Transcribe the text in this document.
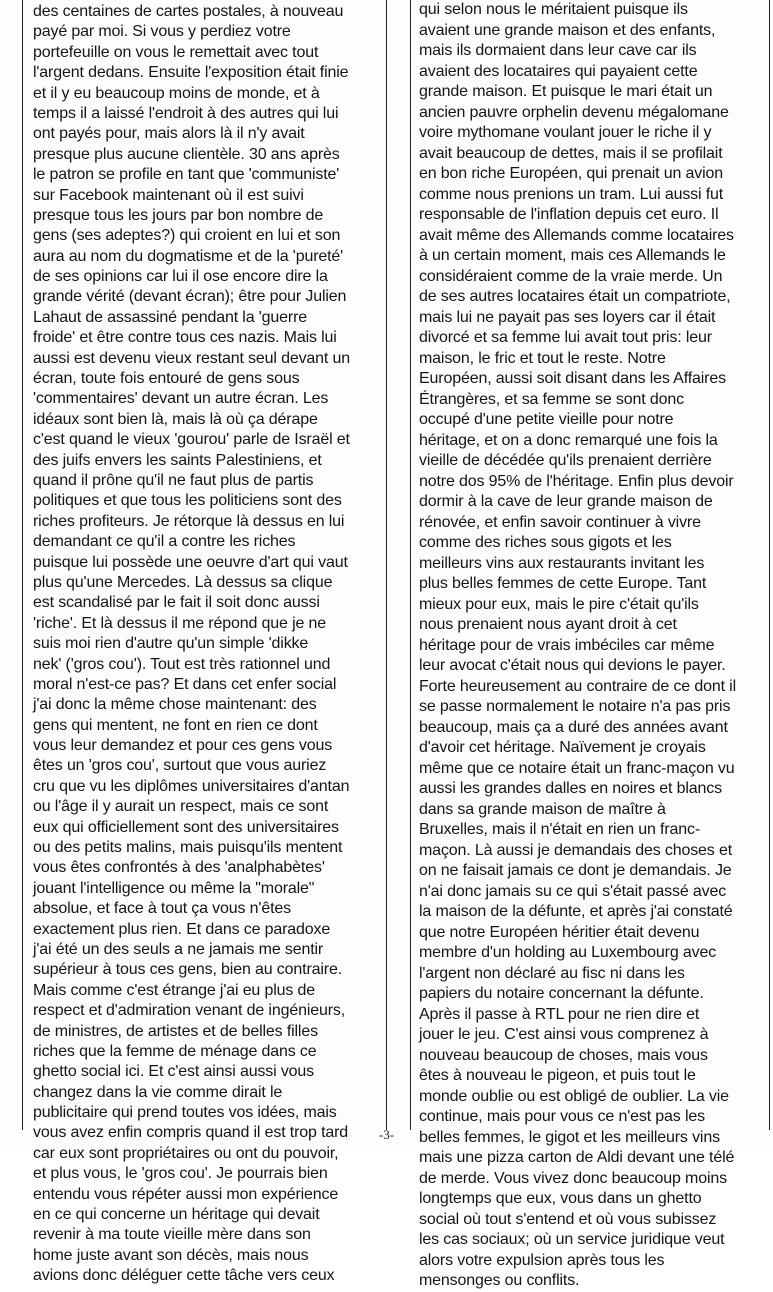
des centaines de cartes postales, à nouveau
payé par moi. Si vous y perdiez votre
portefeuille on vous le remettait avec tout
l'argent dedans. Ensuite l'exposition était finie
et il y eu beaucoup moins de monde, et à
temps il a laissé l'endroit à des autres qui lui
ont payés pour, mais alors là il n'y avait
presque plus aucune clientèle. 30 ans après
le patron se profile en tant que 'communiste'
sur Facebook maintenant où il est suivi
presque tous les jours par bon nombre de
gens (ses adeptes?) qui croient en lui et son
aura au nom du dogmatisme et de la 'pureté'
de ses opinions car lui il ose encore dire la
grande vérité (devant écran); être pour Julien
Lahaut de assassiné pendant la 'guerre
froide' et être contre tous ces nazis. Mais lui
aussi est devenu vieux restant seul devant un
écran, toute fois entouré de gens sous
'commentaires' devant un autre écran. Les
idéaux sont bien là, mais là où ça dérape
c'est quand le vieux 'gourou' parle de Israël et
des juifs envers les saints Palestiniens, et
quand il prône qu'il ne faut plus de partis
politiques et que tous les politiciens sont des
riches profiteurs. Je rétorque là dessus en lui
demandant ce qu'il a contre les riches
puisque lui possède une oeuvre d'art qui vaut
plus qu'une Mercedes. Là dessus sa clique
est scandalisé par le fait il soit donc aussi
'riche'. Et là dessus il me répond que je ne
suis moi rien d'autre qu'un simple 'dikke
nek' ('gros cou'). Tout est très rationnel und
moral n'est-ce pas? Et dans cet enfer social
j'ai donc la même chose maintenant: des
gens qui mentent, ne font en rien ce dont
vous leur demandez et pour ces gens vous
êtes un 'gros cou', surtout que vous auriez
cru que vu les diplômes universitaires d'antan
ou l'âge il y aurait un respect, mais ce sont
eux qui officiellement sont des universitaires
ou des petits malins, mais puisqu'ils mentent
vous êtes confrontés à des 'analphabètes'
jouant l'intelligence ou même la "morale"
absolue, et face à tout ça vous n'êtes
exactement plus rien. Et dans ce paradoxe
j'ai été un des seuls a ne jamais me sentir
supérieur à tous ces gens, bien au contraire.
Mais comme c'est étrange j'ai eu plus de
respect et d'admiration venant de ingénieurs,
de ministres, de artistes et de belles filles
riches que la femme de ménage dans ce
ghetto social ici. Et c'est ainsi aussi vous
changez dans la vie comme dirait le
publicitaire qui prend toutes vos idées, mais
vous avez enfin compris quand il est trop tard
car eux sont propriétaires ou ont du pouvoir,
et plus vous, le 'gros cou'. Je pourrais bien
entendu vous répéter aussi mon expérience
en ce qui concerne un héritage qui devait
revenir à ma toute vieille mère dans son
home juste avant son décès, mais nous
avions donc déléguer cette tâche vers ceux
qui selon nous le méritaient puisque ils
avaient une grande maison et des enfants,
mais ils dormaient dans leur cave car ils
avaient des locataires qui payaient cette
grande maison. Et puisque le mari était un
ancien pauvre orphelin devenu mégalomane
voire mythomane voulant jouer le riche il y
avait beaucoup de dettes, mais il se profilait
en bon riche Européen, qui prenait un avion
comme nous prenions un tram. Lui aussi fut
responsable de l'inflation depuis cet euro. Il
avait même des Allemands comme locataires
à un certain moment, mais ces Allemands le
considéraient comme de la vraie merde. Un
de ses autres locataires était un compatriote,
mais lui ne payait pas ses loyers car il était
divorcé et sa femme lui avait tout pris: leur
maison, le fric et tout le reste. Notre
Européen, aussi soit disant dans les Affaires
Étrangères, et sa femme se sont donc
occupé d'une petite vieille pour notre
héritage, et on a donc remarqué une fois la
vieille de décédée qu'ils prenaient derrière
notre dos 95% de l'héritage. Enfin plus devoir
dormir à la cave de leur grande maison de
rénovée, et enfin savoir continuer à vivre
comme des riches sous gigots et les
meilleurs vins aux restaurants invitant les
plus belles femmes de cette Europe. Tant
mieux pour eux, mais le pire c'était qu'ils
nous prenaient nous ayant droit à cet
héritage pour de vrais imbéciles car même
leur avocat c'était nous qui devions le payer.
Forte heureusement au contraire de ce dont il
se passe normalement le notaire n'a pas pris
beaucoup, mais ça a duré des années avant
d'avoir cet héritage. Naïvement je croyais
même que ce notaire était un franc-maçon vu
aussi les grandes dalles en noires et blancs
dans sa grande maison de maître à
Bruxelles, mais il n'était en rien un franc-
maçon. Là aussi je demandais des choses et
on ne faisait jamais ce dont je demandais. Je
n'ai donc jamais su ce qui s'était passé avec
la maison de la défunte, et après j'ai constaté
que notre Européen héritier était devenu
membre d'un holding au Luxembourg avec
l'argent non déclaré au fisc ni dans les
papiers du notaire concernant la défunte.
Après il passe à RTL pour ne rien dire et
jouer le jeu. C'est ainsi vous comprenez à
nouveau beaucoup de choses, mais vous
êtes à nouveau le pigeon, et puis tout le
monde oublie ou est obligé de oublier. La vie
continue, mais pour vous ce n'est pas les
belles femmes, le gigot et les meilleurs vins
mais une pizza carton de Aldi devant une télé
de merde. Vous vivez donc beaucoup moins
longtemps que eux, vous dans un ghetto
social où tout s'entend et où vous subissez
les cas sociaux; où un service juridique veut
alors votre expulsion après tous les
mensonges ou conflits.
-3-
